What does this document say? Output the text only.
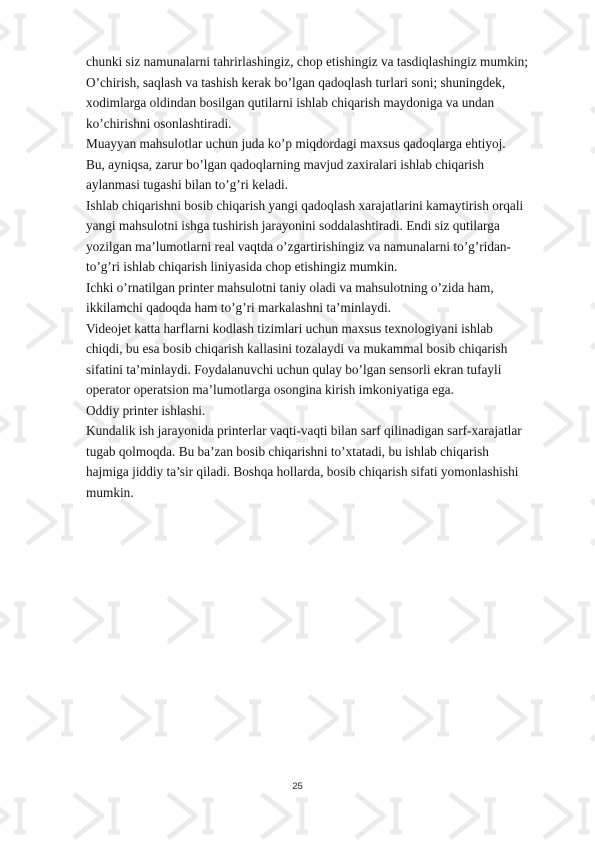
chunki siz namunalarni tahrirlashingiz, chop etishingiz va tasdiqlashingiz mumkin;

O’chirish, saqlash va tashish kerak bo’lgan qadoqlash turlari soni; shuningdek,

xodimlarga oldindan bosilgan qutilarni ishlab chiqarish maydoniga va undan

ko’chirishni osonlashtiradi.

Muayyan mahsulotlar uchun juda ko’p miqdordagi maxsus qadoqlarga ehtiyoj.

Bu, ayniqsa, zarur bo’lgan qadoqlarning mavjud zaxiralari ishlab chiqarish

aylanmasi tugashi bilan to’g’ri keladi.

Ishlab chiqarishni bosib chiqarish yangi qadoqlash xarajatlarini kamaytirish orqali

yangi mahsulotni ishga tushirish jarayonini soddalashtiradi. Endi siz qutilarga

yozilgan ma’lumotlarni real vaqtda o’zgartirishingiz va namunalarni to’g’ridan-

to’g’ri ishlab chiqarish liniyasida chop etishingiz mumkin.

Ichki o’rnatilgan printer mahsulotni taniy oladi va mahsulotning o’zida ham,

ikkilamchi qadoqda ham to’g’ri markalashni ta’minlaydi.

Videojet katta harflarni kodlash tizimlari uchun maxsus texnologiyani ishlab

chiqdi, bu esa bosib chiqarish kallasini tozalaydi va mukammal bosib chiqarish

sifatini ta’minlaydi. Foydalanuvchi uchun qulay bo’lgan sensorli ekran tufayli

operator operatsion ma’lumotlarga osongina kirish imkoniyatiga ega.

Oddiy printer ishlashi.

Kundalik ish jarayonida printerlar vaqti-vaqti bilan sarf qilinadigan sarf-xarajatlar

tugab qolmoqda. Bu ba’zan bosib chiqarishni to’xtatadi, bu ishlab chiqarish

hajmiga jiddiy ta’sir qiladi. Boshqa hollarda, bosib chiqarish sifati yomonlashishi

mumkin.

25
